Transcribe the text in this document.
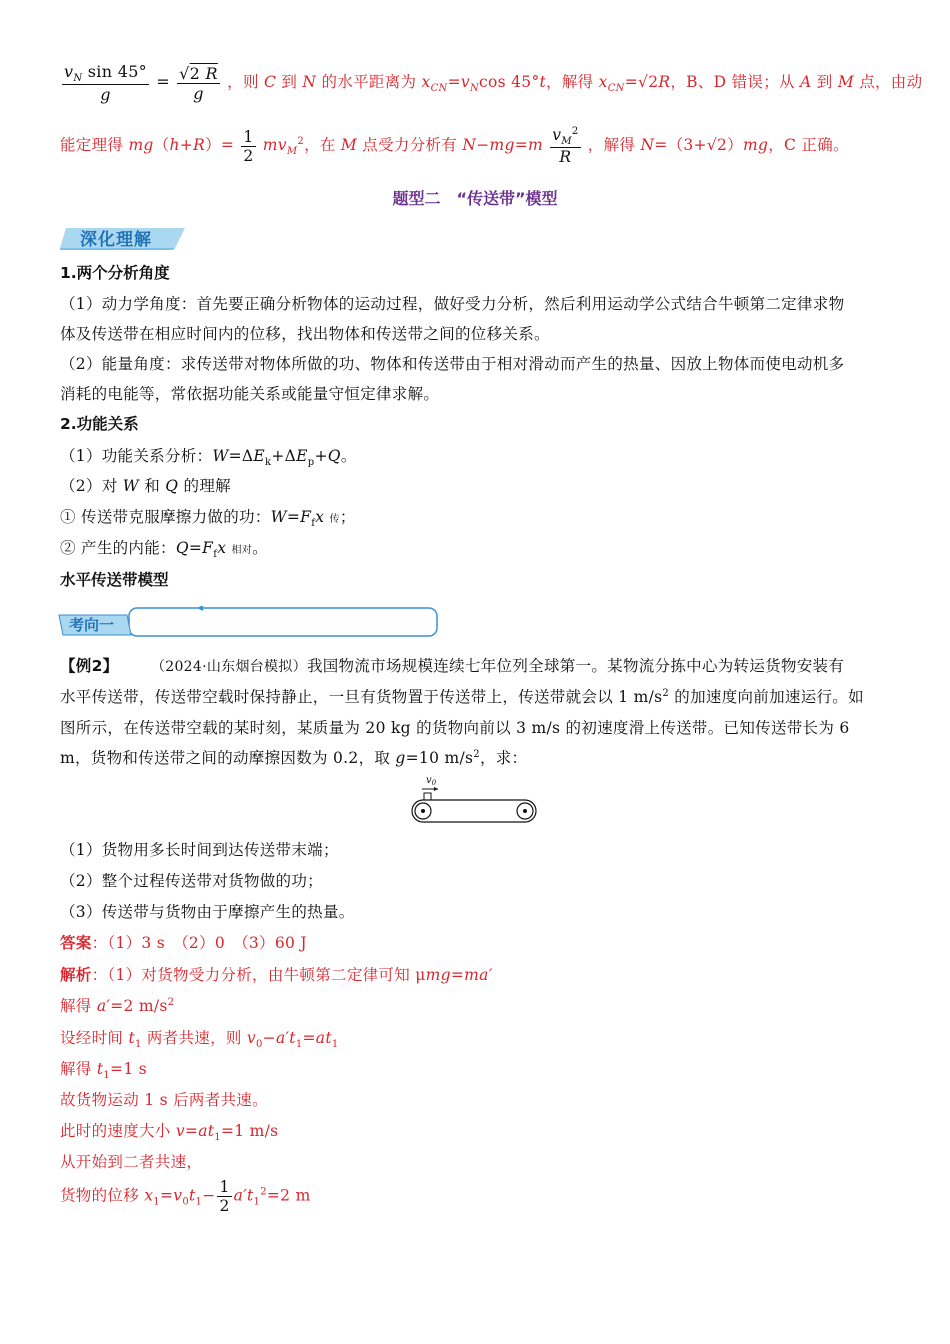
$\frac{v_N \sin 45^\circ}{g} = \frac{√2 R}{g}$ ，则 C 到 N 的水平距离为 $x_{CN}=v_N\cos$ 45°t，解得 $x_{CN}=√2R$，B、D 错误；从 A 到 M 点，由动
能定理得 $mg(h+R)= \frac{1}{2} mv_M^2$，在 M 点受力分析有 $N-mg=m \frac{v_M^2}{R}$ ，解得 N=（3+√2）mg，C 正确。
题型二　“传送带”模型
深化理解
1.两个分析角度
（1）动力学角度：首先要正确分析物体的运动过程，做好受力分析，然后利用运动学公式结合牛顿第二定律求物
体及传送带在相应时间内的位移，找出物体和传送带之间的位移关系。
（2）能量角度：求传送带对物体所做的功、物体和传送带由于相对滑动而产生的热量、因放上物体而使电动机多
消耗的电能等，常依据功能关系或能量守恒定律求解。
2.功能关系
（1）功能关系分析：$W=\Delta E_k+\Delta E_p+Q$。
（2）对 W 和 Q 的理解
① 传送带克服摩擦力做的功：$W=F_fx$ 传；
② 产生的内能：$Q=F_fx$ 相对。
水平传送带模型
考向一
【例2】 （2024·山东烟台模拟）我国物流市场规模连续七年位列全球第一。某物流分拣中心为转运货物安装有
水平传送带，传送带空载时保持静止，一旦有货物置于传送带上，传送带就会以 1 $m/s^2$ 的加速度向前加速运行。如
图所示，在传送带空载的某时刻，某质量为 20 kg 的货物向前以 3 m/s 的初速度滑上传送带。已知传送带长为 6
m，货物和传送带之间的动摩擦因数为 0.2，取 g=10 $m/s^2$，求：
$v_0$
（1）货物用多长时间到达传送带末端；
（2）整个过程传送带对货物做的功；
（3）传送带与货物由于摩擦产生的热量。
答案：（1）3 s　（2）0　（3）60 J
解析：（1）对货物受力分析，由牛顿第二定律可知 μmg=ma′
解得 a′=2 $m/s^2$
设经时间 $t_1$ 两者共速，则 $v_0-a't_1=at_1$
解得 $t_1=1$ s
故货物运动 1 s 后两者共速。
此时的速度大小 $v=at_1=1$ m/s
从开始到二者共速，
货物的位移 $x_1=v_0t_1- \frac{1}{2} a't_1^2=2$ m
